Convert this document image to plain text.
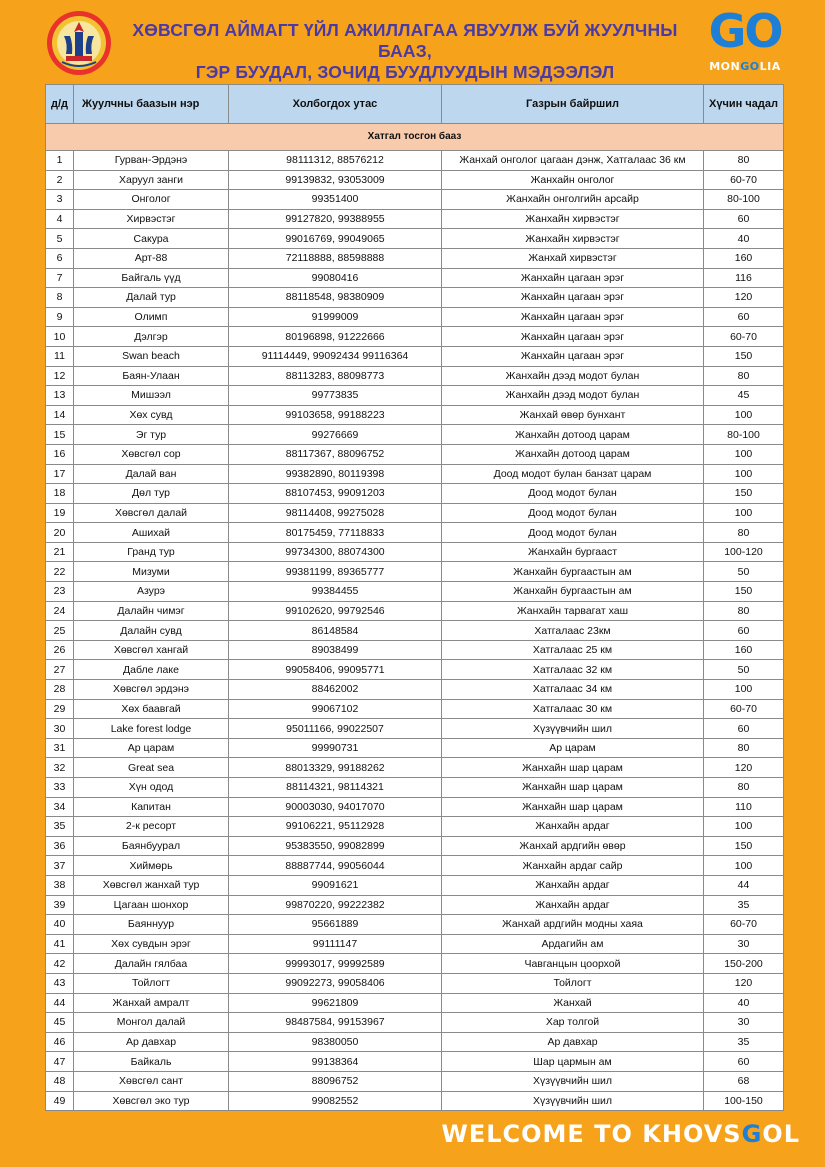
ХӨВСГӨЛ АЙМАГТ ҮЙЛ АЖИЛЛАГАА ЯВУУЛЖ БУЙ ЖУУЛЧНЫ БААЗ,
ГЭР БУУДАЛ, ЗОЧИД БУУДЛУУДЫН МЭДЭЭЛЭЛ
GO
MONGOLIA
д/д	Жуулчны баазын нэр	Холбогдох утас	Газрын байршил	Хүчин чадал
Хатгал тосгон бааз				
1	Гурван-Эрдэнэ	98111312, 88576212	Жанхай онголог цагаан дэнж, Хатгалаас 36 км	80
2	Харуул занги	99139832, 93053009	Жанхайн онголог	60-70
3	Онголог	99351400	Жанхайн онголгийн арсайр	80-100
4	Хирвэстэг	99127820, 99388955	Жанхайн хирвэстэг	60
5	Сакура	99016769, 99049065	Жанхайн хирвэстэг	40
6	Арт-88	72118888, 88598888	Жанхай хирвэстэг	160
7	Байгаль үүд	99080416	Жанхайн цагаан эрэг	116
8	Далай тур	88118548, 98380909	Жанхайн цагаан эрэг	120
9	Олимп	91999009	Жанхайн цагаан эрэг	60
10	Дэлгэр	80196898, 91222666	Жанхайн цагаан эрэг	60-70
11	Swan beach	91114449, 99092434 99116364	Жанхайн цагаан эрэг	150
12	Баян-Улаан	88113283, 88098773	Жанхайн дээд модот булан	80
13	Мишээл	99773835	Жанхайн дээд модот булан	45
14	Хөх сувд	99103658, 99188223	Жанхай өвөр бунхант	100
15	Эг тур	99276669	Жанхайн дотоод царам	80-100
16	Хөвсгөл сор	88117367, 88096752	Жанхайн дотоод царам	100
17	Далай ван	99382890, 80119398	Доод модот булан банзат царам	100
18	Дөл тур	88107453, 99091203	Доод модот булан	150
19	Хөвсгөл далай	98114408, 99275028	Доод модот булан	100
20	Ашихай	80175459, 77118833	Доод модот булан	80
21	Гранд тур	99734300, 88074300	Жанхайн бургааст	100-120
22	Мизуми	99381199, 89365777	Жанхайн бургааcтын ам	50
23	Азурэ	99384455	Жанхайн бургааcтын ам	150
24	Далайн чимэг	99102620, 99792546	Жанхайн тарвагат хаш	80
25	Далайн сувд	86148584	Хатгалаас 23км	60
26	Хөвсгөл хангай	89038499	Хатгалаас 25 км	160
27	Дабле лаке	99058406, 99095771	Хатгалаас 32 км	50
28	Хөвсгөл эрдэнэ	88462002	Хатгалаас 34 км	100
29	Хөх баавгай	99067102	Хатгалаас 30 км	60-70
30	Lake forest lodge	95011166, 99022507	Хүзүүвчийн шил	60
31	Ар царам	99990731	Ар царам	80
32	Great sea	88013329, 99188262	Жанхайн шар царам	120
33	Хүн одод	88114321, 98114321	Жанхайн шар царам	80
34	Капитан	90003030, 94017070	Жанхайн шар царам	110
35	2-к ресорт	99106221, 95112928	Жанхайн ардаг	100
36	Баянбуурал	95383550, 99082899	Жанхай ардгийн өвөр	150
37	Хиймөрь	88887744, 99056044	Жанхайн ардаг сайр	100
38	Хөвсгөл жанхай тур	99091621	Жанхайн ардаг	44
39	Цагаан шонхор	99870220, 99222382	Жанхайн ардаг	35
40	Баяннуур	95661889	Жанхай ардгийн модны хаяа	60-70
41	Хөх сувдын эрэг	99111147	Ардагийн ам	30
42	Далайн гялбаа	99993017, 99992589	Чавганцын цоорхой	150-200
43	Тойлогт	99092273, 99058406	Тойлогт	120
44	Жанхай амралт	99621809	Жанхай	40
45	Монгол далай	98487584, 99153967	Хар толгой	30
46	Ар давхар	98380050	Ар давхар	35
47	Байкаль	99138364	Шар цармын ам	60
48	Хөвсгөл сант	88096752	Хүзүүвчийн шил	68
49	Хөвсгөл эко тур	99082552	Хүзүүвчийн шил	100-150
WELCOME TO KHOVSGOL
